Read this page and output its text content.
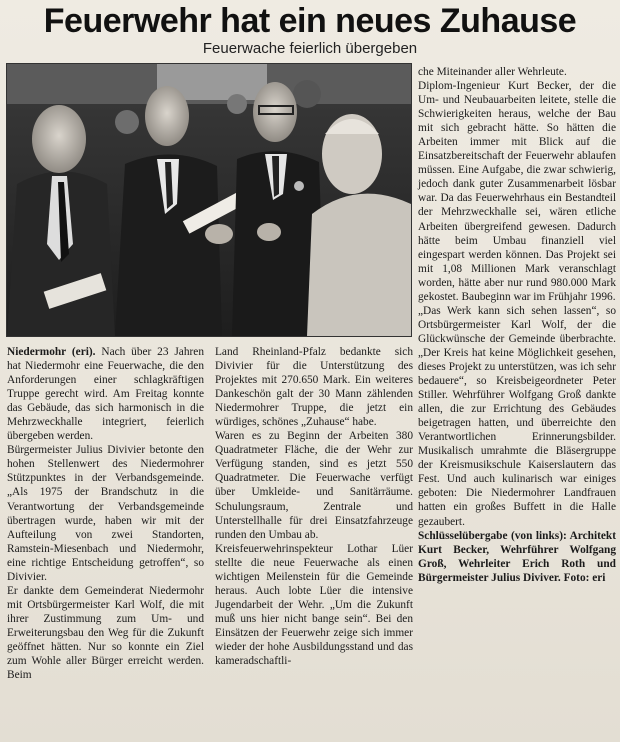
Feuerwehr hat ein neues Zuhause
Feuerwache feierlich übergeben

Niedermohr (eri). Nach über 23 Jahren hat Niedermohr eine Feuerwache, die den Anforderungen einer schlagkräftigen Truppe gerecht wird. Am Freitag konnte das Gebäude, das sich harmonisch in die Mehrzweckhalle integriert, feierlich übergeben werden.

Bürgermeister Julius Divivier betonte den hohen Stellenwert des Niedermohrer Stützpunktes in der Verbandsgemeinde. „Als 1975 der Brandschutz in die Verantwortung der Verbandsgemeinde übertragen wurde, haben wir mit der Aufteilung von zwei Standorten, Ramstein-Miesenbach und Niedermohr, eine richtige Entscheidung getroffen“, so Divivier.

Er dankte dem Gemeinderat Niedermohr mit Ortsbürgermeister Karl Wolf, die mit ihrer Zustimmung zum Um- und Erweiterungsbau den Weg für die Zukunft geöffnet hätten. Nur so konnte ein Ziel zum Wohle aller Bürger erreicht werden. Beim

Land Rheinland-Pfalz bedankte sich Divivier für die Unterstützung des Projektes mit 270.650 Mark. Ein weiteres Dankeschön galt der 30 Mann zählenden Niedermohrer Truppe, die jetzt ein würdiges, schönes „Zuhause“ habe.

Waren es zu Beginn der Arbeiten 380 Quadratmeter Fläche, die der Wehr zur Verfügung standen, sind es jetzt 550 Quadratmeter. Die Feuerwache verfügt über Umkleide- und Sanitärräume. Schulungsraum, Zentrale und Unterstellhalle für drei Einsatzfahrzeuge runden den Umbau ab.

Kreisfeuerwehrinspekteur Lothar Lüer stellte die neue Feuerwache als einen wichtigen Meilenstein für die Gemeinde heraus. Auch lobte Lüer die intensive Jugendarbeit der Wehr. „Um die Zukunft muß uns hier nicht bange sein“. Bei den Einsätzen der Feuerwehr zeige sich immer wieder der hohe Ausbildungsstand und das kameradschaftli-

che Miteinander aller Wehrleute.

Diplom-Ingenieur Kurt Becker, der die Um- und Neubauarbeiten leitete, stelle die Schwierigkeiten heraus, welche der Bau mit sich gebracht hätte. So hätten die Arbeiten immer mit Blick auf die Einsatzbereitschaft der Feuerwehr ablaufen müssen. Eine Aufgabe, die zwar schwierig, jedoch dank guter Zusammenarbeit lösbar war. Da das Feuerwehrhaus ein Bestandteil der Mehrzweckhalle sei, wären etliche Arbeiten übergreifend gewesen. Dadurch hätte beim Umbau finanziell viel eingespart werden können. Das Projekt sei mit 1,08 Millionen Mark veranschlagt worden, hätte aber nur rund 980.000 Mark gekostet. Baubeginn war im Frühjahr 1996.

„Das Werk kann sich sehen lassen“, so Ortsbürgermeister Karl Wolf, der die Glückwünsche der Gemeinde überbrachte. „Der Kreis hat keine Möglichkeit gesehen, dieses Projekt zu unterstützen, was ich sehr bedauere“, so Kreisbeigeordneter Peter Stiller. Wehrführer Wolfgang Groß dankte allen, die zur Errichtung des Gebäudes beigetragen hatten, und überreichte den Verantwortlichen Erinnerungsbilder. Musikalisch umrahmte die Bläsergruppe der Kreismusikschule Kaiserslautern das Fest. Und auch kulinarisch war einiges geboten: Die Niedermohrer Landfrauen hatten ein großes Buffett in die Halle gezaubert.

Schlüsselübergabe (von links): Architekt Kurt Becker, Wehrführer Wolfgang Groß, Wehrleiter Erich Roth und Bürgermeister Julius Diviver. Foto: eri
